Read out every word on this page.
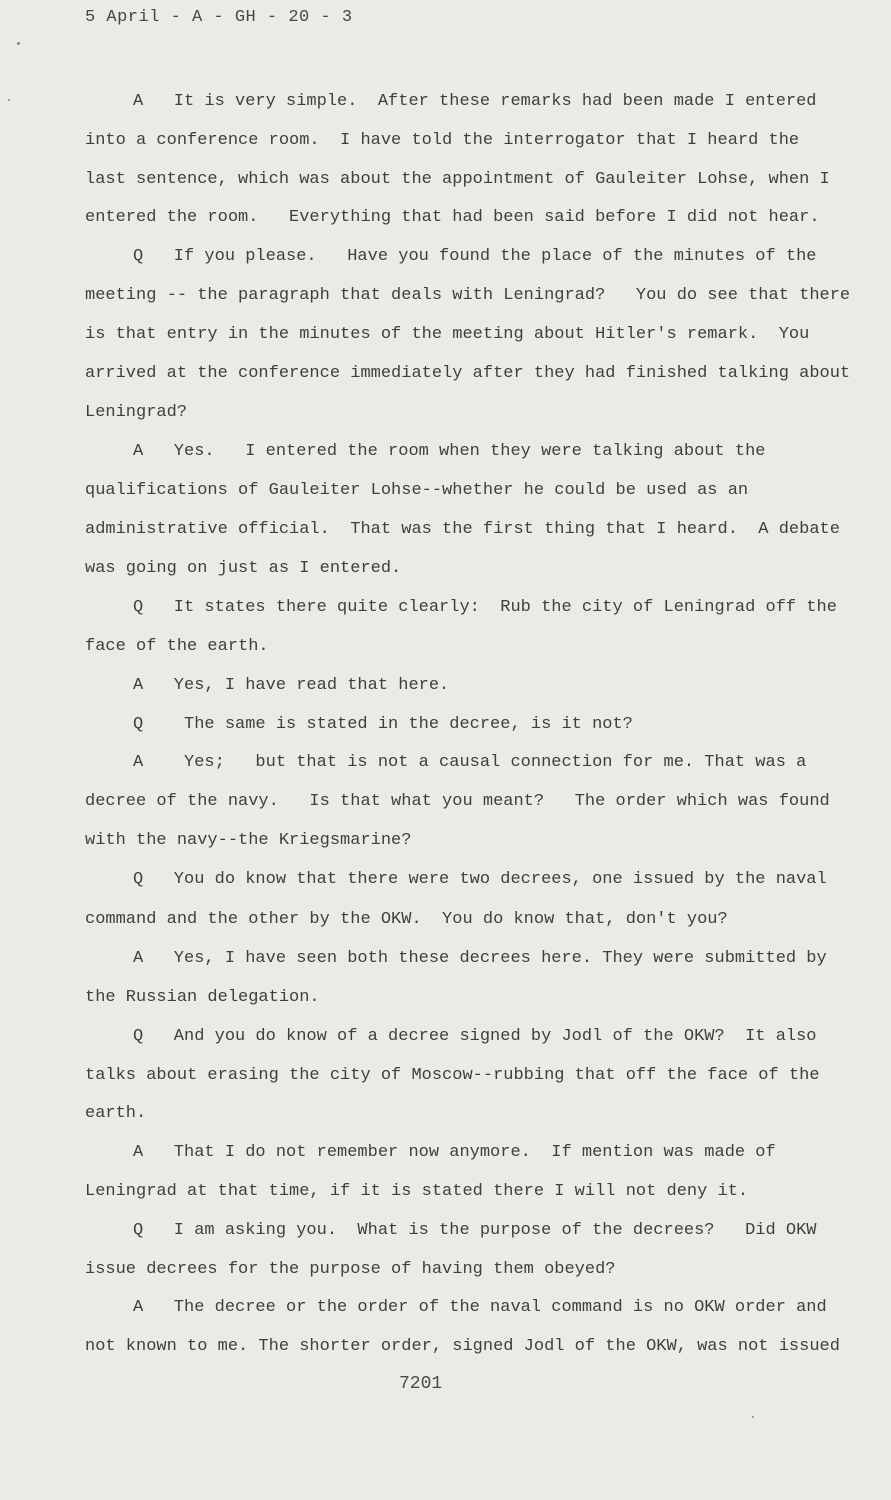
5 April - A - GH - 20 - 3
A   It is very simple.  After these remarks had been made I entered
into a conference room.  I have told the interrogator that I heard the
last sentence, which was about the appointment of Gauleiter Lohse, when I
entered the room.   Everything that had been said before I did not hear.
Q   If you please.   Have you found the place of the minutes of the
meeting -- the paragraph that deals with Leningrad?   You do see that there
is that entry in the minutes of the meeting about Hitler's remark.  You
arrived at the conference immediately after they had finished talking about
Leningrad?
A   Yes.   I entered the room when they were talking about the
qualifications of Gauleiter Lohse--whether he could be used as an
administrative official.  That was the first thing that I heard.  A debate
was going on just as I entered.
Q   It states there quite clearly:  Rub the city of Leningrad off the
face of the earth.
A   Yes, I have read that here.
Q    The same is stated in the decree, is it not?
A    Yes;   but that is not a causal connection for me. That was a
decree of the navy.   Is that what you meant?   The order which was found
with the navy--the Kriegsmarine?
Q   You do know that there were two decrees, one issued by the naval
command and the other by the OKW.  You do know that, don't you?
A   Yes, I have seen both these decrees here. They were submitted by
the Russian delegation.
Q   And you do know of a decree signed by Jodl of the OKW?  It also
talks about erasing the city of Moscow--rubbing that off the face of the
earth.
A   That I do not remember now anymore.  If mention was made of
Leningrad at that time, if it is stated there I will not deny it.
Q   I am asking you.  What is the purpose of the decrees?   Did OKW
issue decrees for the purpose of having them obeyed?
A   The decree or the order of the naval command is no OKW order and
not known to me. The shorter order, signed Jodl of the OKW, was not issued
7201
